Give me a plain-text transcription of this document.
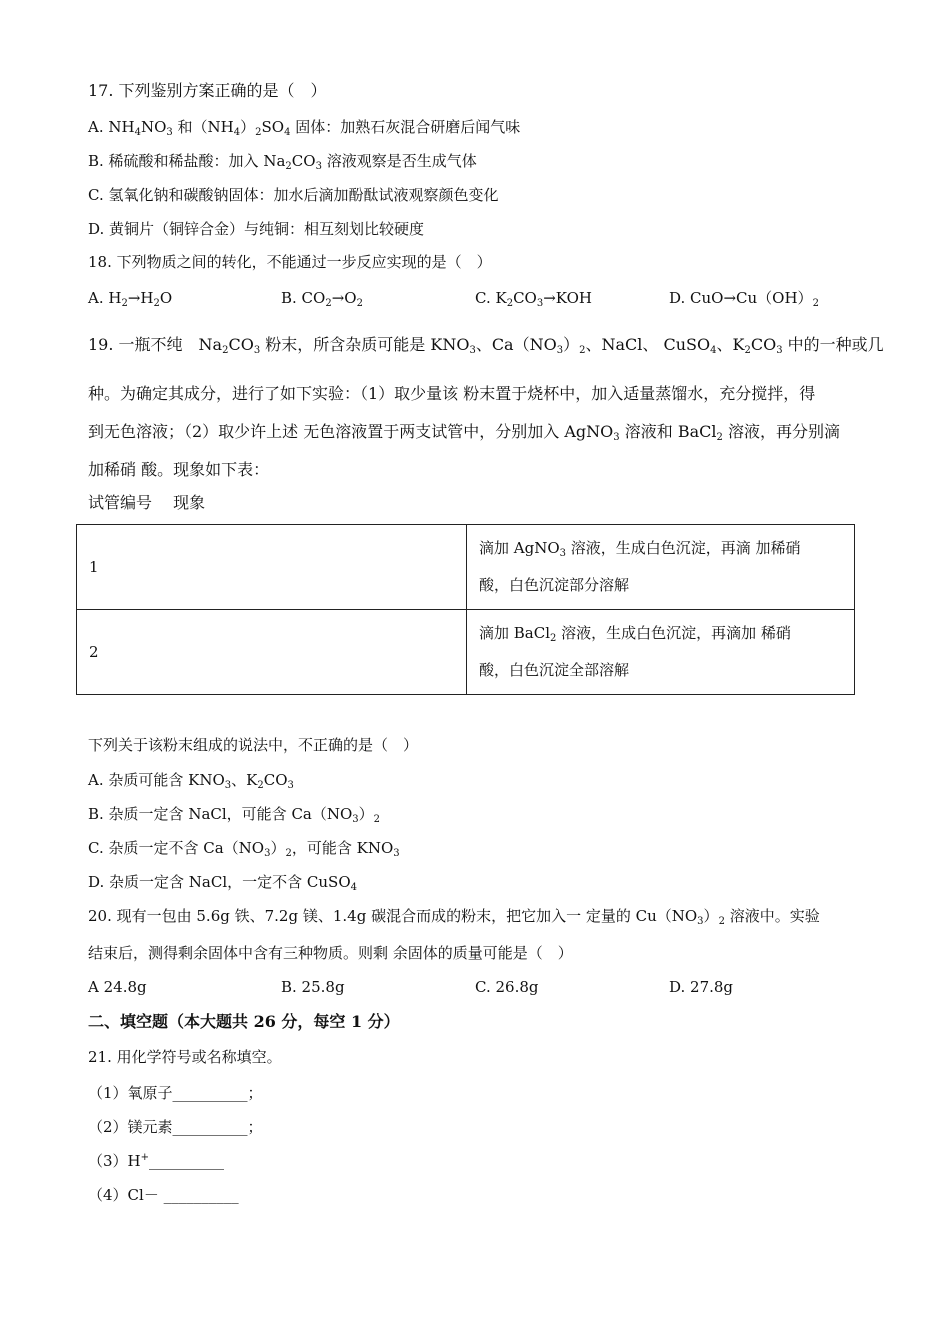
17. 下列鉴别方案正确的是（　）
A. $NH_4NO_3$ 和$(NH_4)_2SO_4$ 固体：加熟石灰混合研磨后闻气味
B. 稀硫酸和稀盐酸：加入 $Na_2CO_3$ 溶液观察是否生成气体
C. 氢氧化钠和碳酸钠固体：加水后滴加酚酞试液观察颜色变化
D. 黄铜片（铜锌合金）与纯铜：相互刻划比较硬度
18. 下列物质之间的转化，不能通过一步反应实现的是（　）
A. $H_2\to H_2O$	B. $CO_2\to O_2$	C. $K_2CO_3\to KOH$	D. $CuO\to Cu(OH)_2$
19. 一瓶不纯　$Na_2CO_3$ 粉末，所含杂质可能是 $KNO_3$、$Ca(NO_3)_2$、NaCl、 CuSO$_4$、$K_2CO_3$ 中的一种或几
种。为确定其成分，进行了如下实验：（1）取少量该 粉末置于烧杯中，加入适量蒸馏水，充分搅拌，得
到无色溶液；（2）取少许上述 无色溶液置于两支试管中，分别加入 AgNO$_3$ 溶液和 BaCl$_2$ 溶液，再分别滴
加稀硝 酸。现象如下表：
试管编号　 现象
1	滴加 AgNO$_3$ 溶液，生成白色沉淀，再滴 加稀硝
酸，白色沉淀部分溶解
2	滴加 BaCl$_2$ 溶液，生成白色沉淀，再滴加 稀硝
酸，白色沉淀全部溶解
下列关于该粉末组成的说法中，不正确的是（　）
A. 杂质可能含 $KNO_3$、$K_2CO_3$
B. 杂质一定含 NaCl，可能含 $Ca(NO_3)_2$
C. 杂质一定不含 $Ca(NO_3)_2$，可能含 $KNO_3$
D. 杂质一定含 NaCl，一定不含 CuSO$_4$
20. 现有一包由 5.6g 铁、7.2g 镁、1.4g 碳混合而成的粉末，把它加入一 定量的 $Cu(NO_3)_2$ 溶液中。实验
结束后，测得剩余固体中含有三种物质。则剩 余固体的质量可能是（　）
A 24.8g	B. 25.8g	C. 26.8g	D. 27.8g
二、填空题（本大题共 26 分，每空 1 分）
21. 用化学符号或名称填空。
（1）氧原子__________；
（2）镁元素__________；
（3）H+__________
（4）Cl－ __________
